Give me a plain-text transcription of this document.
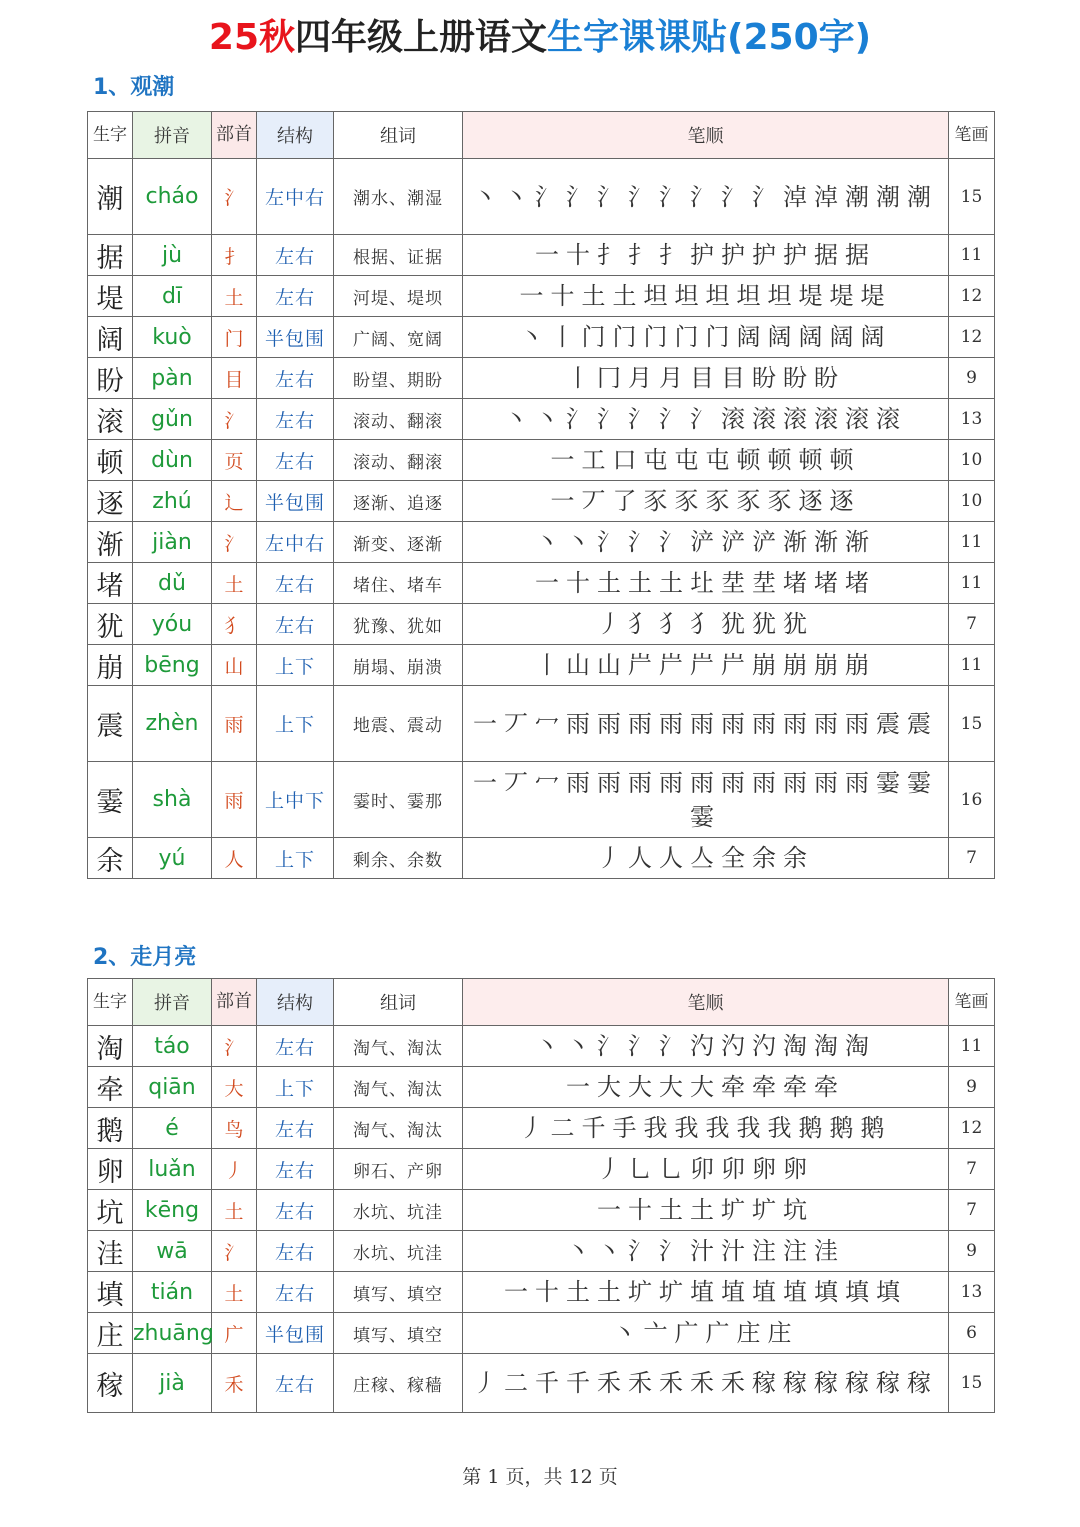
25秋四年级上册语文生字课课贴(250字)
1、观潮
生字	拼音	部首	结构	组词	笔顺	笔画
潮	cháo	氵	左中右	潮水、潮湿	丶丶氵氵氵氵氵氵氵氵淖淖潮潮潮	15
据	jù	扌	左右	根据、证据	一十扌扌扌护护护护据据	11
堤	dī	土	左右	河堤、堤坝	一十土土坦坦坦坦坦堤堤堤	12
阔	kuò	门	半包围	广阔、宽阔	丶丨门门门门门阔阔阔阔阔	12
盼	pàn	目	左右	盼望、期盼	丨冂月月目目盼盼盼	9
滚	gǔn	氵	左右	滚动、翻滚	丶丶氵氵氵氵氵滚滚滚滚滚滚	13
顿	dùn	页	左右	滚动、翻滚	一工口屯屯屯顿顿顿顿	10
逐	zhú	辶	半包围	逐渐、追逐	一丆了豕豕豕豕豕逐逐	10
渐	jiàn	氵	左中右	渐变、逐渐	丶丶氵氵氵浐浐浐渐渐渐	11
堵	dǔ	土	左右	堵住、堵车	一十土土土圵坓坓堵堵堵	11
犹	yóu	犭	左右	犹豫、犹如	丿犭犭犭犹犹犹	7
崩	bēng	山	上下	崩塌、崩溃	丨山山屵屵屵屵崩崩崩崩	11
震	zhèn	雨	上下	地震、震动	一丆冖雨雨雨雨雨雨雨雨雨雨震震	15
霎	shà	雨	上中下	霎时、霎那	一丆冖雨雨雨雨雨雨雨雨雨雨霎霎霎	16
余	yú	人	上下	剩余、余数	丿人人亼全余余	7
2、走月亮
生字	拼音	部首	结构	组词	笔顺	笔画
淘	táo	氵	左右	淘气、淘汰	丶丶氵氵氵汋汋汋淘淘淘	11
牵	qiān	大	上下	淘气、淘汰	一大大大大牵牵牵牵	9
鹅	é	鸟	左右	淘气、淘汰	丿二千手我我我我我鹅鹅鹅	12
卵	luǎn	丿	左右	卵石、产卵	丿乚乚卯卯卵卵	7
坑	kēng	土	左右	水坑、坑洼	一十土土圹圹坑	7
洼	wā	氵	左右	水坑、坑洼	丶丶氵氵汁汁注注洼	9
填	tián	土	左右	填写、填空	一十土土圹圹埴埴埴埴填填填	13
庄	zhuāng	广	半包围	填写、填空	丶亠广广庄庄	6
稼	jià	禾	左右	庄稼、稼穑	丿二千千禾禾禾禾禾稼稼稼稼稼稼	15
第 1 页，共 12 页
